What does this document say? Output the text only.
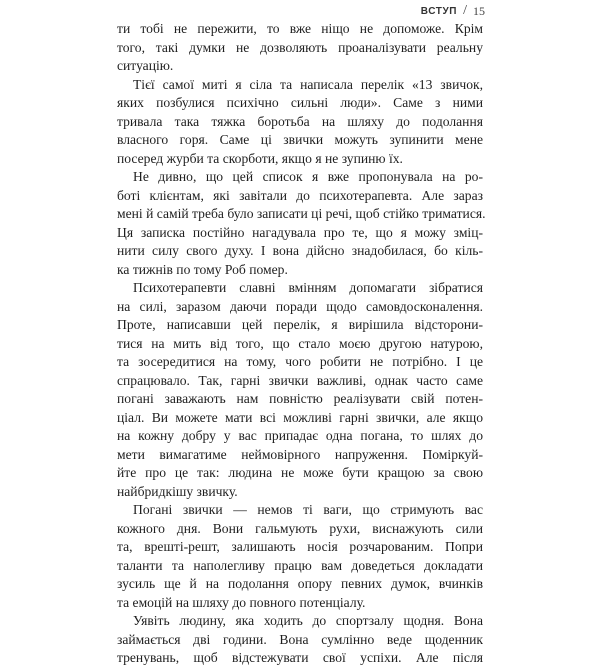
ВСТУП / 15
ти тобі не пережити, то вже ніщо не допоможе. Крім
того, такі думки не дозволяють проаналізувати реальну
ситуацію.
Тієї самої миті я сіла та написала перелік «13 звичок,
яких позбулися психічно сильні люди». Саме з ними
тривала така тяжка боротьба на шляху до подолання
власного горя. Саме ці звички можуть зупинити мене
посеред журби та скорботи, якщо я не зупиню їх.
Не дивно, що цей список я вже пропонувала на ро-
боті клієнтам, які завітали до психотерапевта. Але зараз
мені й самій треба було записати ці речі, щоб стійко триматися.
Ця записка постійно нагадувала про те, що я можу зміц-
нити силу свого духу. І вона дійсно знадобилася, бо кіль-
ка тижнів по тому Роб помер.
Психотерапевти славні вмінням допомагати зібратися
на силі, заразом даючи поради щодо самовдосконалення.
Проте, написавши цей перелік, я вирішила відсторони-
тися на мить від того, що стало моєю другою натурою,
та зосередитися на тому, чого робити не потрібно. І це
спрацювало. Так, гарні звички важливі, однак часто саме
погані заважають нам повністю реалізувати свій потен-
ціал. Ви можете мати всі можливі гарні звички, але якщо
на кожну добру у вас припадає одна погана, то шлях до
мети вимагатиме неймовірного напруження. Поміркуй-
йте про це так: людина не може бути кращою за свою
найбридкішу звичку.
Погані звички — немов ті ваги, що стримують вас
кожного дня. Вони гальмують рухи, виснажують сили
та, врешті-решт, залишають носія розчарованим. Попри
таланти та наполегливу працю вам доведеться докладати
зусиль ще й на подолання опору певних думок, вчинків
та емоцій на шляху до повного потенціалу.
Уявіть людину, яка ходить до спортзалу щодня. Вона
займається дві години. Вона сумлінно веде щоденник
тренувань, щоб відстежувати свої успіхи. Але після
